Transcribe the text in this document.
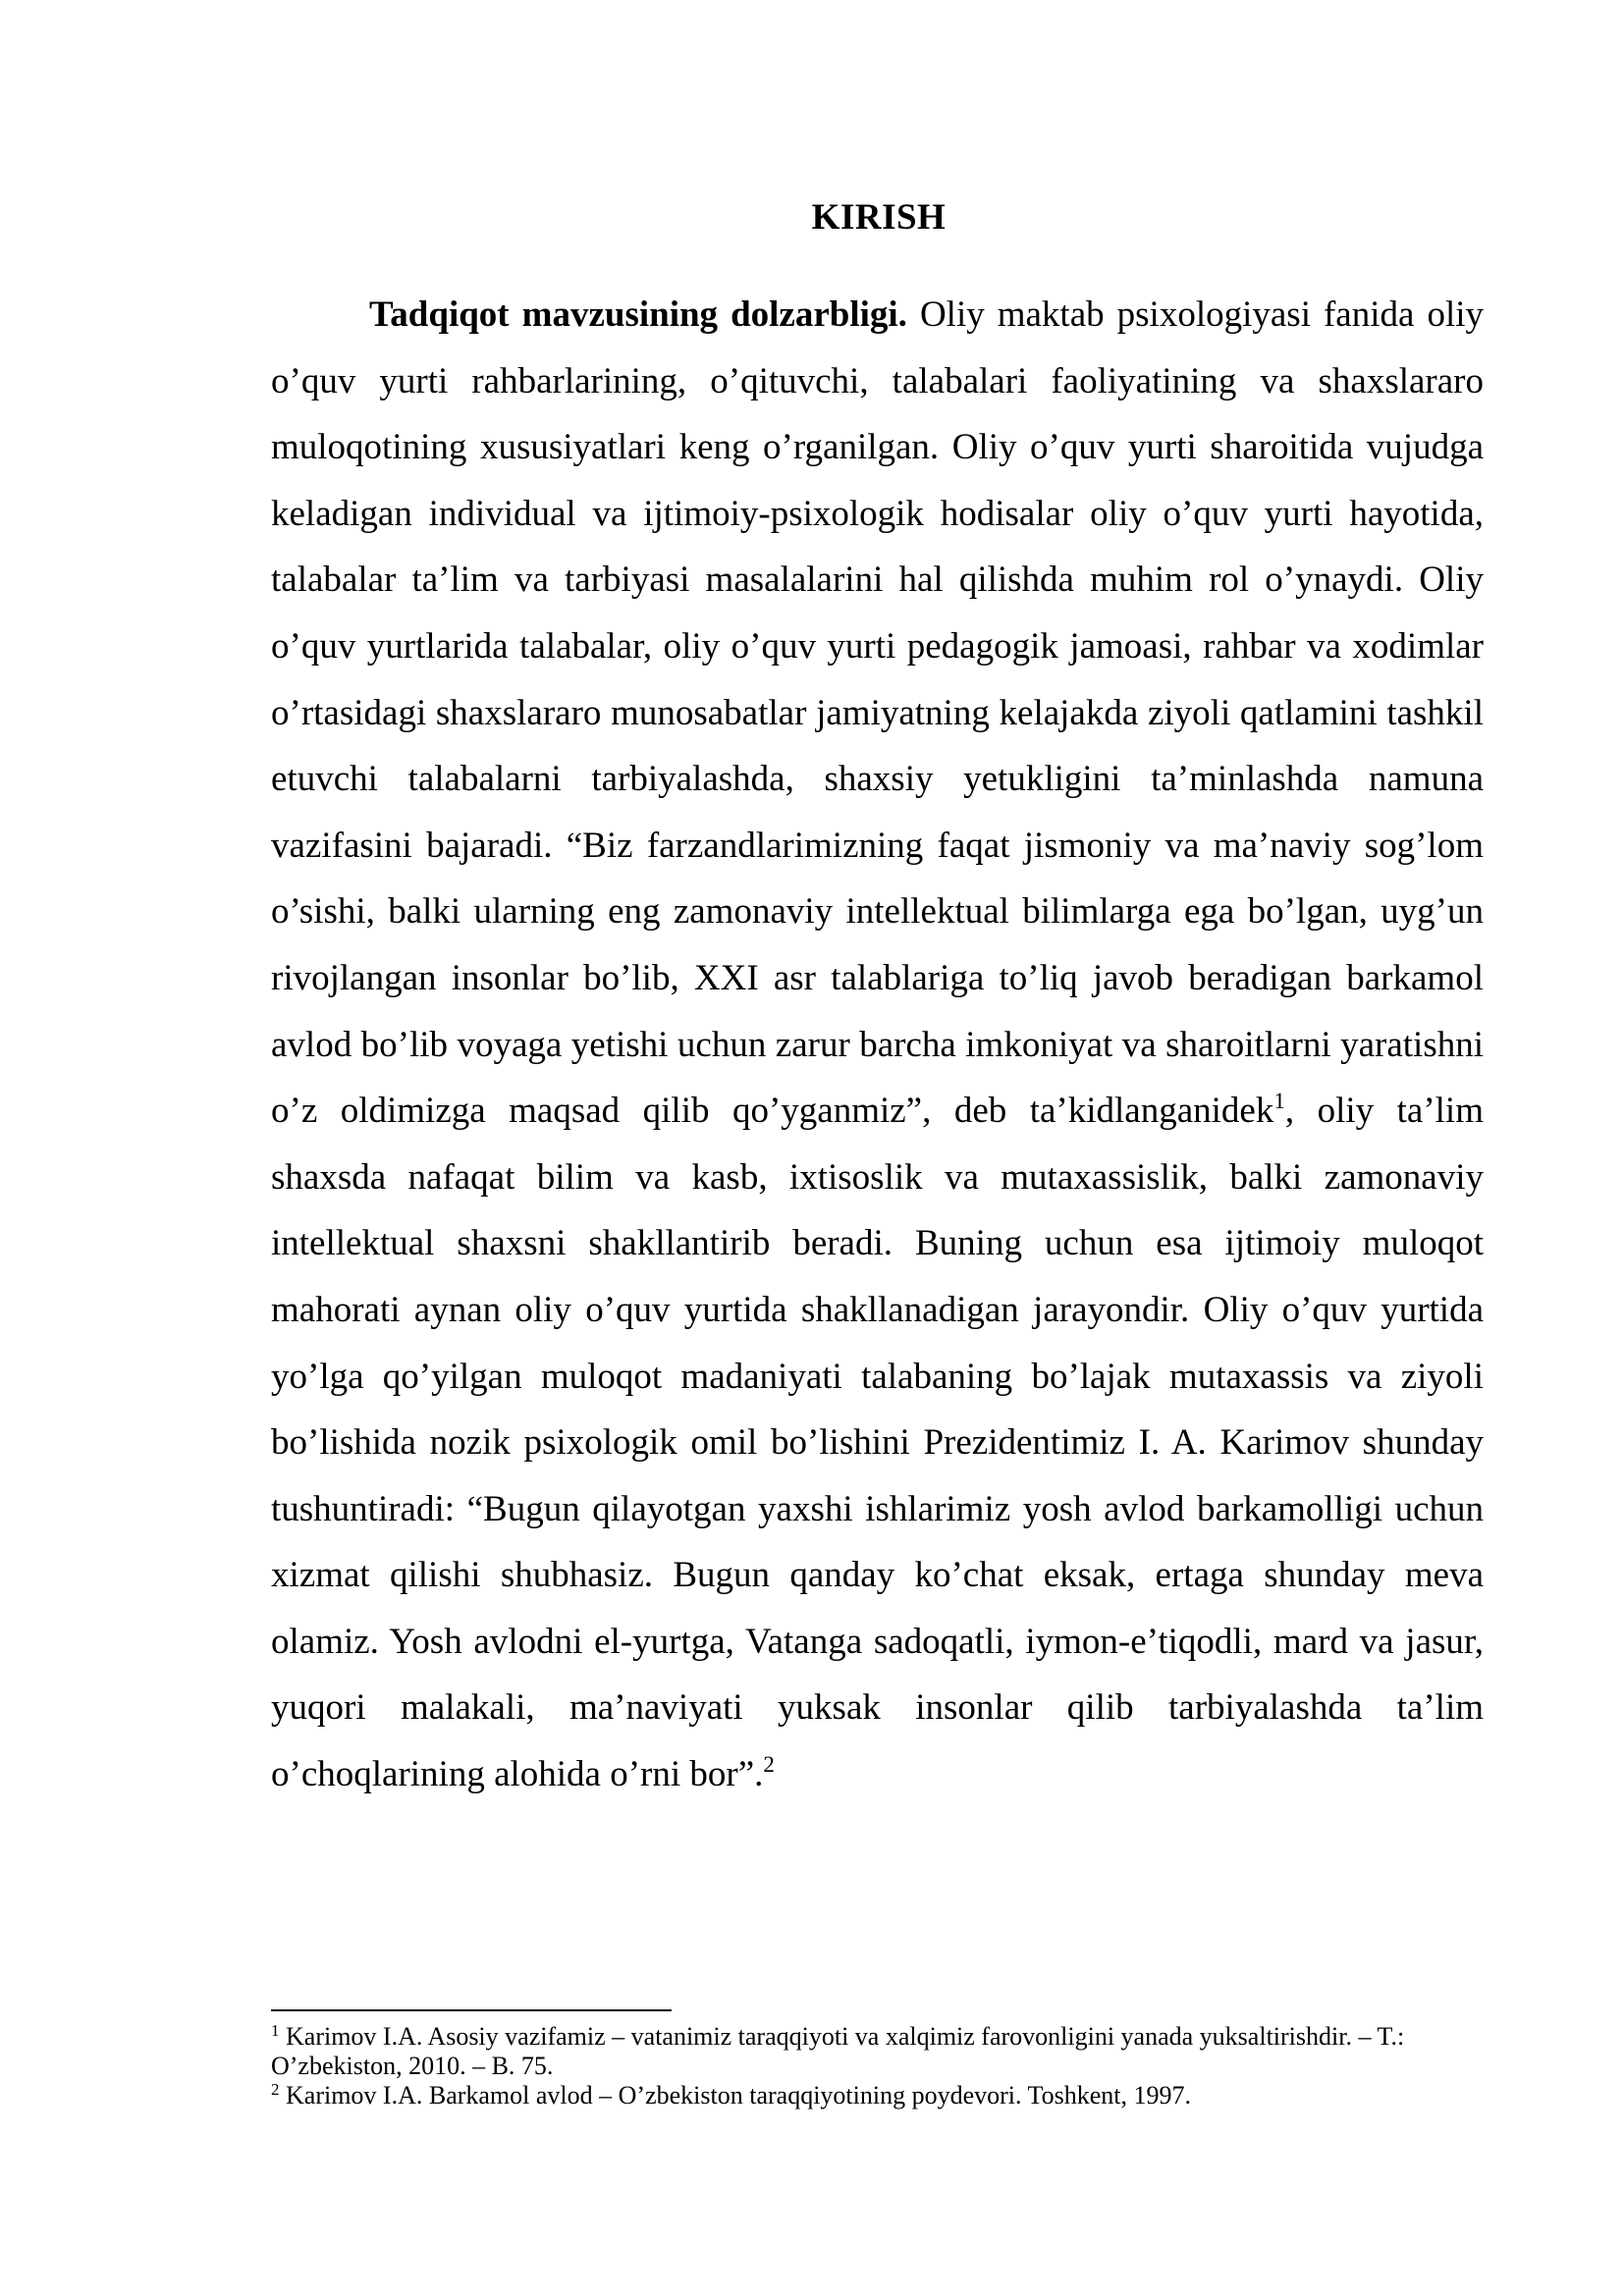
KIRISH

Tadqiqot mavzusining dolzarbligi. Oliy maktab psixologiyasi fanida oliy o’quv yurti rahbarlarining, o’qituvchi, talabalari faoliyatining va shaxslararo muloqotining xususiyatlari keng o’rganilgan. Oliy o’quv yurti sharoitida vujudga keladigan individual va ijtimoiy-psixologik hodisalar oliy o’quv yurti hayotida, talabalar ta’lim va tarbiyasi masalalarini hal qilishda muhim rol o’ynaydi. Oliy o’quv yurtlarida talabalar, oliy o’quv yurti pedagogik jamoasi, rahbar va xodimlar o’rtasidagi shaxslararo munosabatlar jamiyatning kelajakda ziyoli qatlamini tashkil etuvchi talabalarni tarbiyalashda, shaxsiy yetukligini ta’minlashda namuna vazifasini bajaradi. “Biz farzandlarimizning faqat jismoniy va ma’naviy sog’lom o’sishi, balki ularning eng zamonaviy intellektual bilimlarga ega bo’lgan, uyg’un rivojlangan insonlar bo’lib, XXI asr talablariga to’liq javob beradigan barkamol avlod bo’lib voyaga yetishi uchun zarur barcha imkoniyat va sharoitlarni yaratishni o’z oldimizga maqsad qilib qo’yganmiz”, deb ta’kidlanganidek$^1$, oliy ta’lim shaxsda nafaqat bilim va kasb, ixtisoslik va mutaxassislik, balki zamonaviy intellektual shaxsni shakllantirib beradi. Buning uchun esa ijtimoiy muloqot mahorati aynan oliy o’quv yurtida shakllanadigan jarayondir. Oliy o’quv yurtida yo’lga qo’yilgan muloqot madaniyati talabaning bo’lajak mutaxassis va ziyoli bo’lishida nozik psixologik omil bo’lishini Prezidentimiz I. A. Karimov shunday tushuntiradi: “Bugun qilayotgan yaxshi ishlarimiz yosh avlod barkamolligi uchun xizmat qilishi shubhasiz. Bugun qanday ko’chat eksak, ertaga shunday meva olamiz. Yosh avlodni el-yurtga, Vatanga sadoqatli, iymon-e’tiqodli, mard va jasur, yuqori malakali, ma’naviyati yuksak insonlar qilib tarbiyalashda ta’lim o’choqlarining alohida o’rni bor”.$^2$

$^1$ Karimov I.A. Asosiy vazifamiz – vatanimiz taraqqiyoti va xalqimiz farovonligini yanada yuksaltirishdir. – T.: O’zbekiston, 2010. – B. 75.

$^2$ Karimov I.A. Barkamol avlod – O’zbekiston taraqqiyotining poydevori. Toshkent, 1997.
